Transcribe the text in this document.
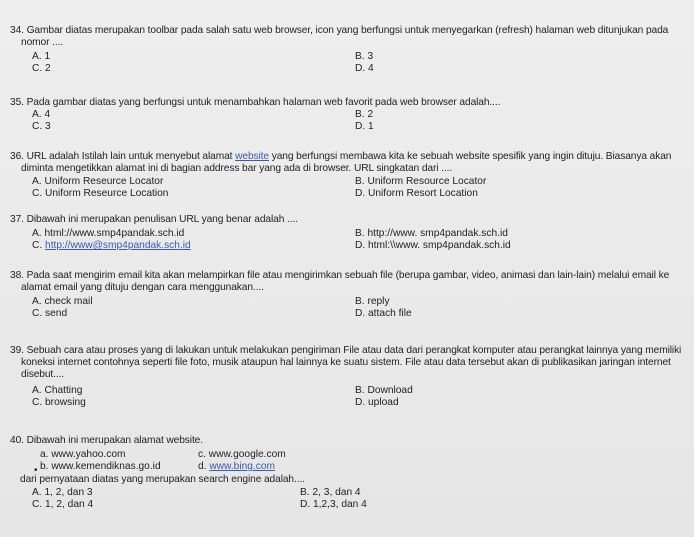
34. Gambar diatas merupakan toolbar pada salah satu web browser, icon yang berfungsi untuk menyegarkan (refresh) halaman web ditunjukan pada nomor ....
A. 1	B. 3
C. 2	D. 4
35. Pada gambar diatas yang berfungsi untuk menambahkan halaman web favorit pada web browser adalah....
A. 4	B. 2
C. 3	D. 1
36. URL adalah Istilah lain untuk menyebut alamat website yang berfungsi membawa kita ke sebuah website spesifik yang ingin dituju. Biasanya akan diminta mengetikkan alamat ini di bagian address bar yang ada di browser. URL singkatan dari ....
A. Uniform Reseurce Locator	B. Uniform Resource Locator
C. Uniform Reseurce Location	D. Uniform Resort Location
37. Dibawah ini merupakan penulisan URL yang benar adalah ....
A. html://www.smp4pandak.sch.id	B. http://www. smp4pandak.sch.id
C. http://www@smp4pandak.sch.id	D. html:\\www. smp4pandak.sch.id
38. Pada saat mengirim email kita akan melampirkan file atau mengirimkan sebuah file (berupa gambar, video, animasi dan lain-lain) melalui email ke alamat email yang dituju dengan cara menggunakan....
A. check mail	B. reply
C. send	D. attach file
39. Sebuah cara atau proses yang di lakukan untuk melakukan pengiriman File atau data dari perangkat komputer atau perangkat lainnya yang memiliki koneksi internet contohnya seperti file foto, musik ataupun hal lainnya ke suatu sistem. File atau data tersebut akan di publikasikan jaringan internet disebut....
A. Chatting	B. Download
C. browsing	D. upload
40. Dibawah ini merupakan alamat website.
a. www.yahoo.com	c. www.google.com
• b. www.kemendiknas.go.id	d. www.bing.com
dari pernyataan diatas yang merupakan search engine adalah....
A. 1, 2, dan 3	B. 2, 3, dan 4
C. 1, 2, dan 4	D. 1,2,3, dan 4
